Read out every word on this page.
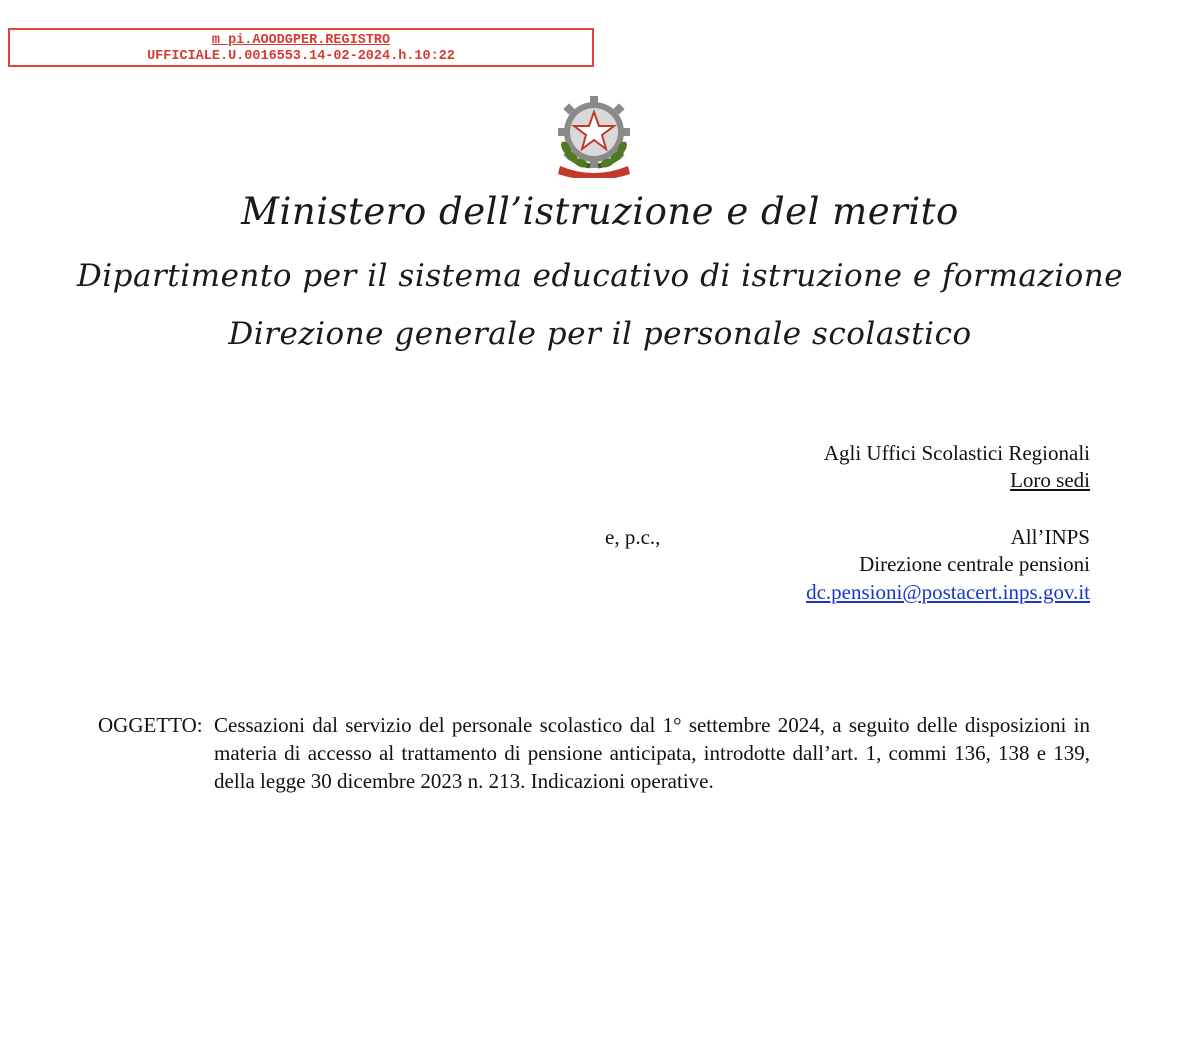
m_pi.AOODGPER.REGISTRO
UFFICIALE.U.0016553.14-02-2024.h.10:22
Ministero dell’istruzione e del merito
Dipartimento per il sistema educativo di istruzione e formazione
Direzione generale per il personale scolastico
Agli Uffici Scolastici Regionali
Loro sedi
e, p.c.,	All’INPS
Direzione centrale pensioni
dc.pensioni@postacert.inps.gov.it
OGGETTO: Cessazioni dal servizio del personale scolastico dal 1° settembre 2024, a seguito delle disposizioni in materia di accesso al trattamento di pensione anticipata, introdotte dall’art. 1, commi 136, 138 e 139, della legge 30 dicembre 2023 n. 213. Indicazioni operative.
